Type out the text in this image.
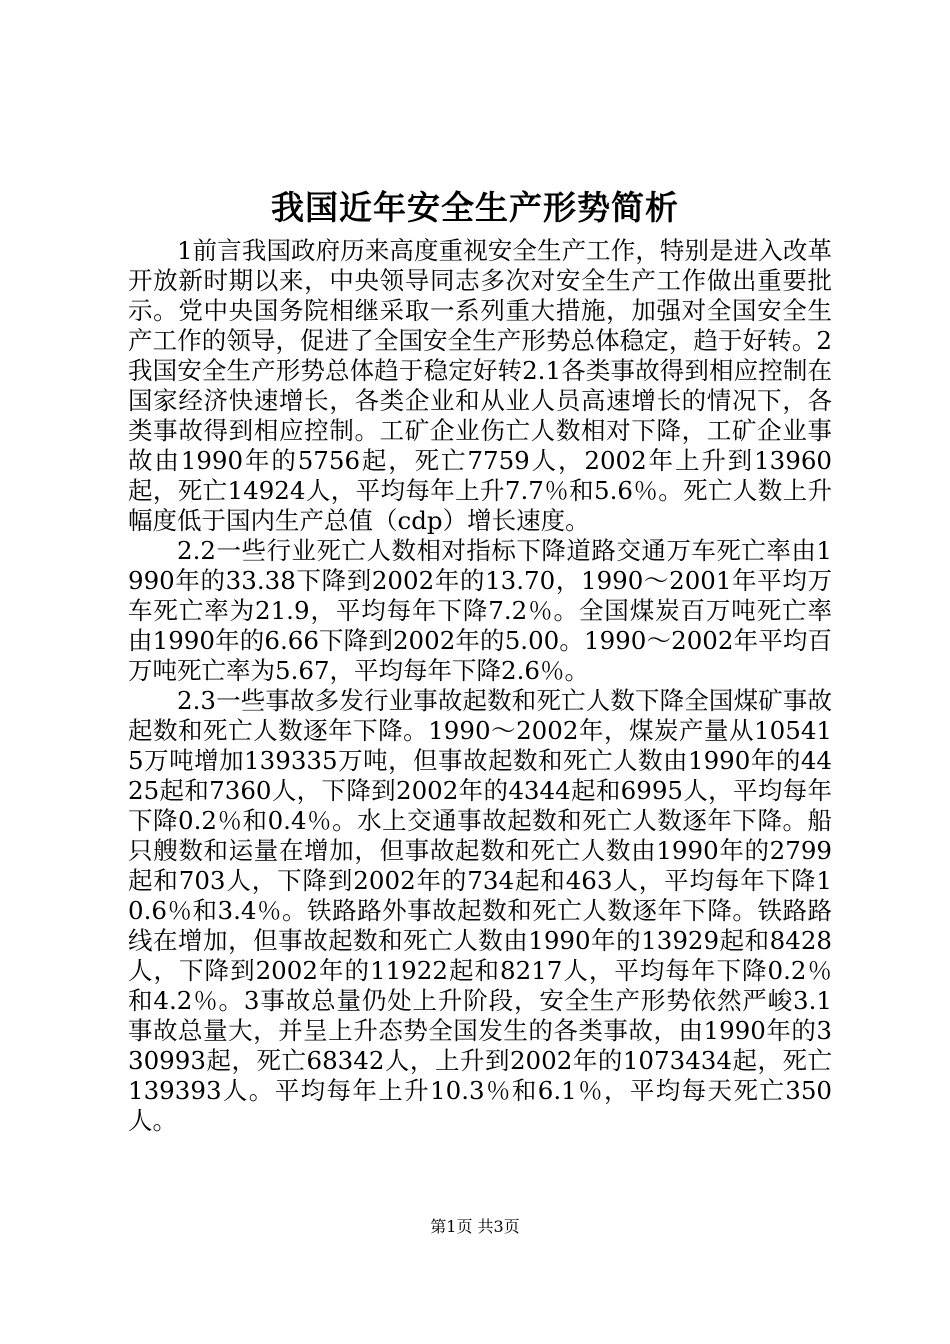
我国近年安全生产形势简析

1前言我国政府历来高度重视安全生产工作，特别是进入改革开放新时期以来，中央领导同志多次对安全生产工作做出重要批示。党中央国务院相继采取一系列重大措施，加强对全国安全生产工作的领导，促进了全国安全生产形势总体稳定，趋于好转。2我国安全生产形势总体趋于稳定好转2.1各类事故得到相应控制在国家经济快速增长，各类企业和从业人员高速增长的情况下，各类事故得到相应控制。工矿企业伤亡人数相对下降，工矿企业事故由1990年的5756起，死亡7759人，2002年上升到13960起，死亡14924人，平均每年上升7.7％和5.6％。死亡人数上升幅度低于国内生产总值（cdp）增长速度。

2.2一些行业死亡人数相对指标下降道路交通万车死亡率由1990年的33.38下降到2002年的13.70，1990～2001年平均万车死亡率为21.9，平均每年下降7.2％。全国煤炭百万吨死亡率由1990年的6.66下降到2002年的5.00。1990～2002年平均百万吨死亡率为5.67，平均每年下降2.6％。

2.3一些事故多发行业事故起数和死亡人数下降全国煤矿事故起数和死亡人数逐年下降。1990～2002年，煤炭产量从105415万吨增加139335万吨，但事故起数和死亡人数由1990年的4425起和7360人，下降到2002年的4344起和6995人，平均每年下降0.2％和0.4％。水上交通事故起数和死亡人数逐年下降。船只艘数和运量在增加，但事故起数和死亡人数由1990年的2799起和703人，下降到2002年的734起和463人，平均每年下降10.6％和3.4％。铁路路外事故起数和死亡人数逐年下降。铁路路线在增加，但事故起数和死亡人数由1990年的13929起和8428人，下降到2002年的11922起和8217人，平均每年下降0.2％和4.2％。3事故总量仍处上升阶段，安全生产形势依然严峻3.1事故总量大，并呈上升态势全国发生的各类事故，由1990年的330993起，死亡68342人，上升到2002年的1073434起，死亡139393人。平均每年上升10.3％和6.1％，平均每天死亡350人。

第1页 共3页
